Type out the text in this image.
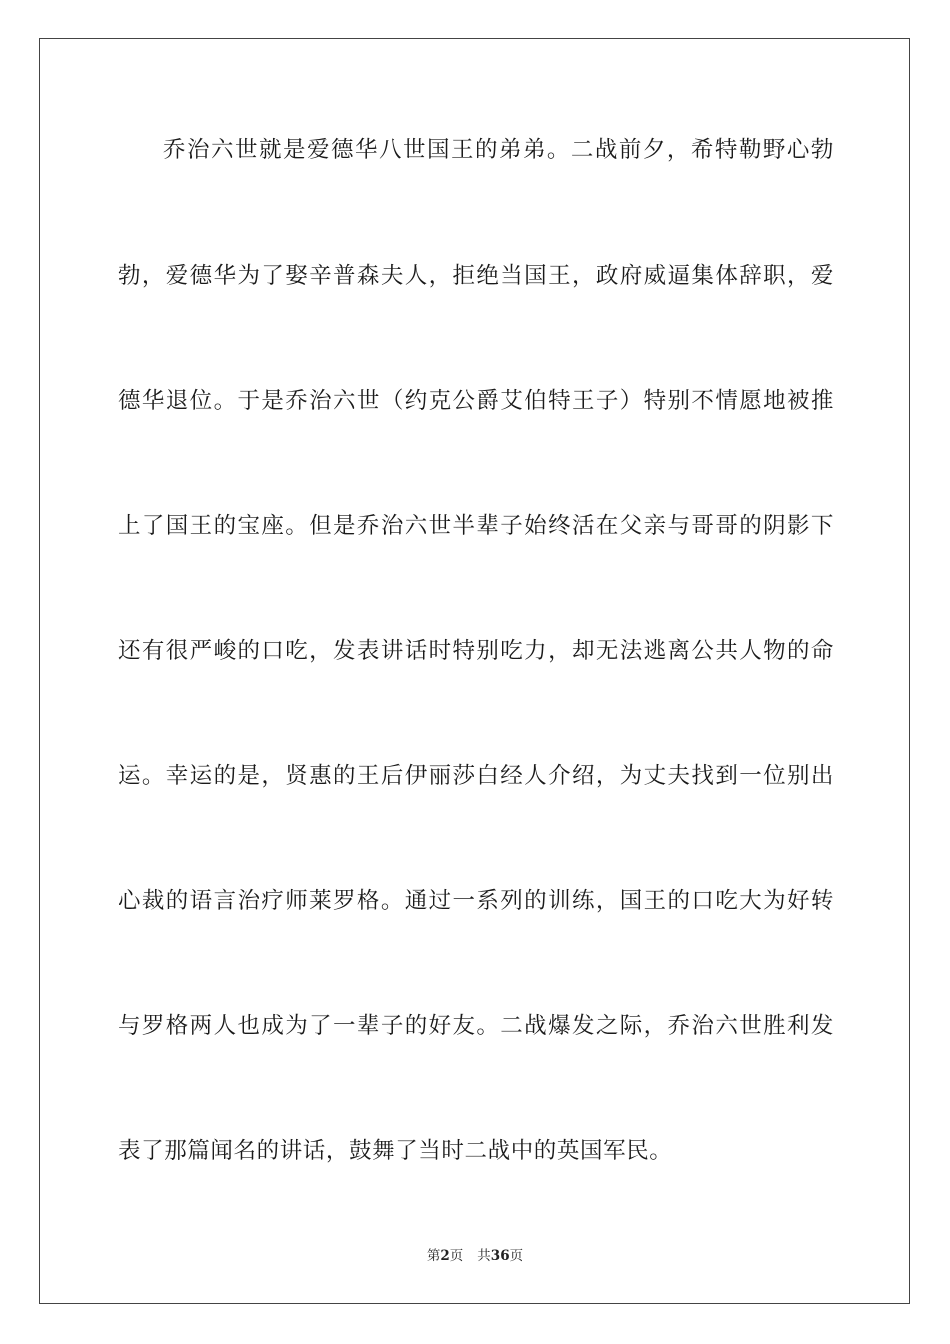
乔治六世就是爱德华八世国王的弟弟。二战前夕，希特勒野心勃
勃，爱德华为了娶辛普森夫人，拒绝当国王，政府威逼集体辞职，爱
德华退位。于是乔治六世（约克公爵艾伯特王子）特别不情愿地被推
上了国王的宝座。但是乔治六世半辈子始终活在父亲与哥哥的阴影下
还有很严峻的口吃，发表讲话时特别吃力，却无法逃离公共人物的命
运。幸运的是，贤惠的王后伊丽莎白经人介绍，为丈夫找到一位别出
心裁的语言治疗师莱罗格。通过一系列的训练，国王的口吃大为好转
与罗格两人也成为了一辈子的好友。二战爆发之际，乔治六世胜利发
表了那篇闻名的讲话，鼓舞了当时二战中的英国军民。
第2页 共36页
